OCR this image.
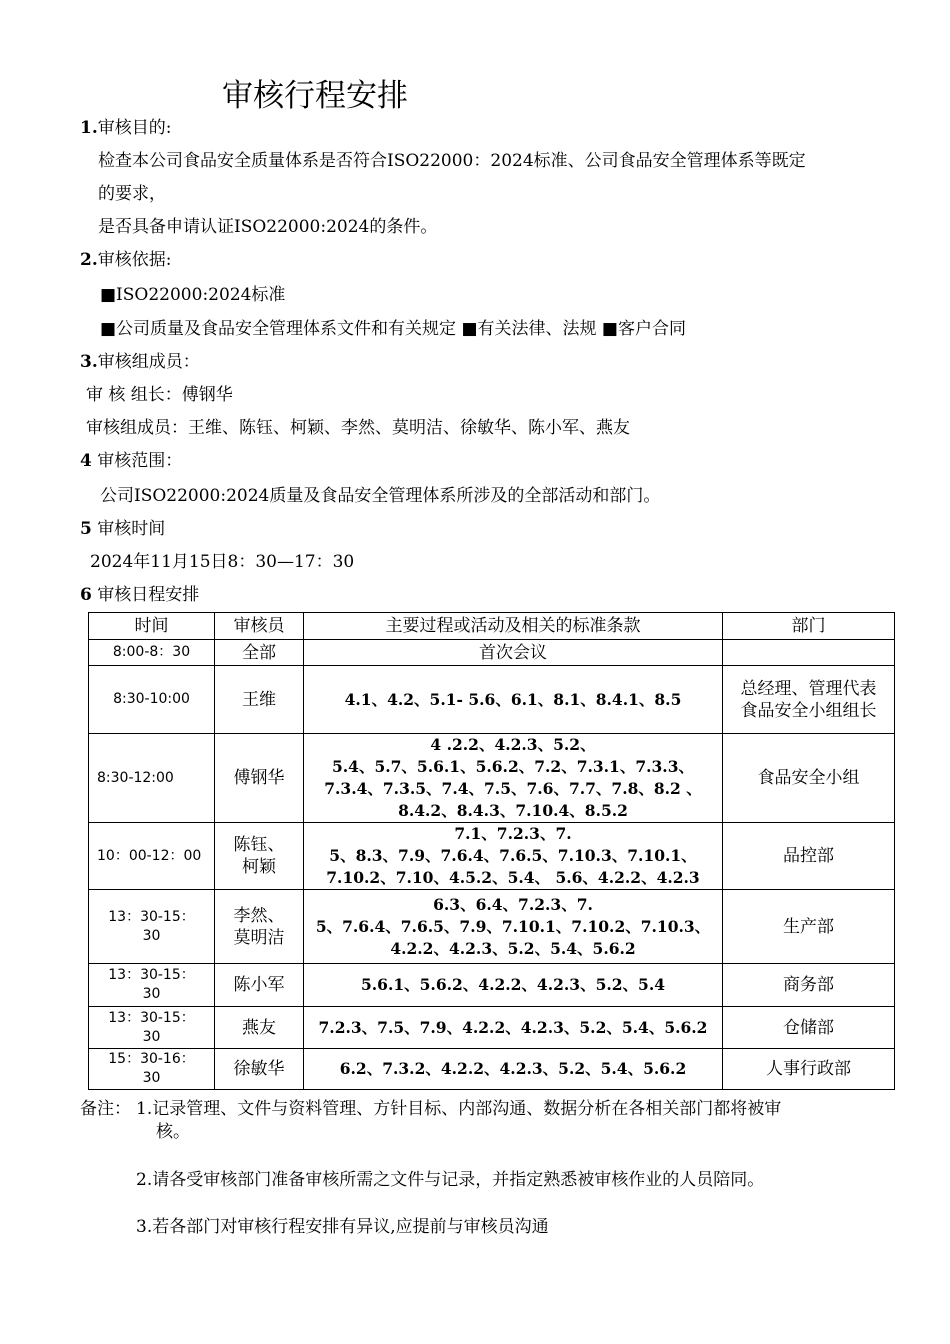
审核行程安排
1.审核目的:
检查本公司食品安全质量体系是否符合ISO22000：2024标准、公司食品安全管理体系等既定
的要求，
是否具备申请认证ISO22000:2024的条件。
2.审核依据:
■ISO22000:2024标准
■公司质量及食品安全管理体系文件和有关规定 ■有关法律、法规 ■客户合同
3.审核组成员：
审 核 组长：傅钢华
审核组成员：王维、陈钰、柯颖、李然、莫明洁、徐敏华、陈小军、燕友
4 审核范围：
公司ISO22000:2024质量及食品安全管理体系所涉及的全部活动和部门。
5 审核时间
2024年11月15日8：30—17：30
6 审核日程安排
时间	审核员	主要过程或活动及相关的标准条款	部门
8:00-8：30	全部	首次会议	
8:30-10:00	王维	4.1、4.2、5.1- 5.6、6.1、8.1、8.4.1、8.5	总经理、管理代表
食品安全小组组长
8:30-12:00	傅钢华	4 .2.2、4.2.3、5.2、
5.4、5.7、5.6.1、5.6.2、7.2、7.3.1、7.3.3、7.3.4、7.3.5、7.4、7.5、7.6、7.7、7.8、8.2 、8.4.2、8.4.3、7.10.4、8.5.2	食品安全小组
10：00-12：00	陈钰、
柯颖	7.1、7.2.3、7.
5、8.3、7.9、7.6.4、7.6.5、7.10.3、7.10.1、7.10.2、7.10、4.5.2、5.4、 5.6、4.2.2、4.2.3	品控部
13：30-15：30	李然、
莫明洁	6.3、6.4、7.2.3、7.
5、7.6.4、7.6.5、7.9、7.10.1、7.10.2、7.10.3、4.2.2、4.2.3、5.2、5.4、5.6.2	生产部
13：30-15：30	陈小军	5.6.1、5.6.2、4.2.2、4.2.3、5.2、5.4	商务部
13：30-15：30	燕友	7.2.3、7.5、7.9、4.2.2、4.2.3、5.2、5.4、5.6.2	仓储部
15：30-16：30	徐敏华	6.2、7.3.2、4.2.2、4.2.3、5.2、5.4、5.6.2	人事行政部
备注： 1.记录管理、文件与资料管理、方针目标、内部沟通、数据分析在各相关部门都将被审
核。
2.请各受审核部门准备审核所需之文件与记录，并指定熟悉被审核作业的人员陪同。
3.若各部门对审核行程安排有异议,应提前与审核员沟通
